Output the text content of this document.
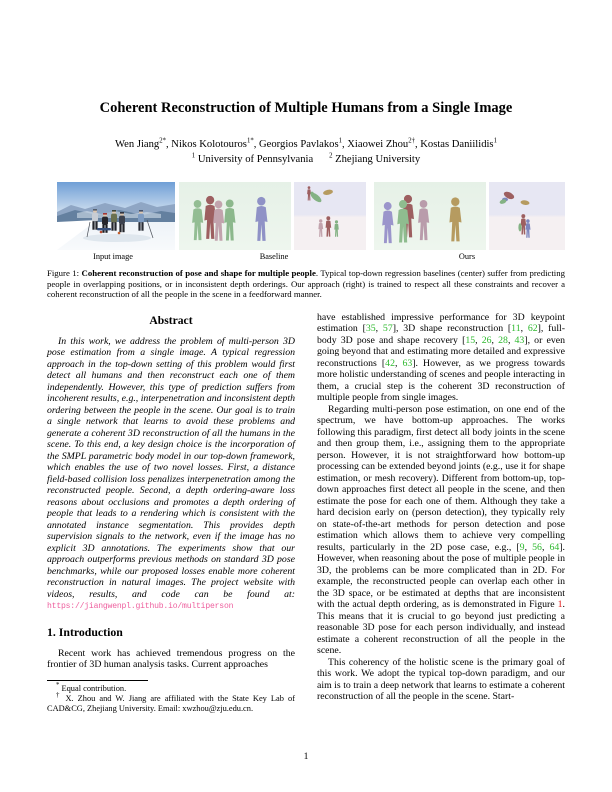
Coherent Reconstruction of Multiple Humans from a Single Image
Wen Jiang$^{2*}$, Nikos Kolotouros$^{1*}$, Georgios Pavlakos$^1$, Xiaowei Zhou$^{2\dagger}$, Kostas Daniilidis$^1$
$^1$ University of Pennsylvania $^2$ Zhejiang University
Input image	Baseline	Ours
Figure 1: Coherent reconstruction of pose and shape for multiple people. Typical top-down regression baselines (center) suffer from predicting people in overlapping positions, or in inconsistent depth orderings. Our approach (right) is trained to respect all these constraints and recover a coherent reconstruction of all the people in the scene in a feedforward manner.
Abstract

In this work, we address the problem of multi-person 3D pose estimation from a single image. A typical regression approach in the top-down setting of this problem would first detect all humans and then reconstruct each one of them independently. However, this type of prediction suffers from incoherent results, e.g., interpenetration and inconsistent depth ordering between the people in the scene. Our goal is to train a single network that learns to avoid these problems and generate a coherent 3D reconstruction of all the humans in the scene. To this end, a key design choice is the incorporation of the SMPL parametric body model in our top-down framework, which enables the use of two novel losses. First, a distance field-based collision loss penalizes interpenetration among the reconstructed people. Second, a depth ordering-aware loss reasons about occlusions and promotes a depth ordering of people that leads to a rendering which is consistent with the annotated instance segmentation. This provides depth supervision signals to the network, even if the image has no explicit 3D annotations. The experiments show that our approach outperforms previous methods on standard 3D pose benchmarks, while our proposed losses enable more coherent reconstruction in natural images. The project website with videos, results, and code can be found at: https://jiangwenpl.github.io/multiperson

1. Introduction

Recent work has achieved tremendous progress on the frontier of 3D human analysis tasks. Current approaches

* Equal contribution.

† X. Zhou and W. Jiang are affiliated with the State Key Lab of CAD&CG, Zhejiang University. Email: xwzhou@zju.edu.cn.

have established impressive performance for 3D keypoint estimation [35, 57], 3D shape reconstruction [11, 62], full-body 3D pose and shape recovery [15, 26, 28, 43], or even going beyond that and estimating more detailed and expressive reconstructions [42, 63]. However, as we progress towards more holistic understanding of scenes and people interacting in them, a crucial step is the coherent 3D reconstruction of multiple people from single images.

Regarding multi-person pose estimation, on one end of the spectrum, we have bottom-up approaches. The works following this paradigm, first detect all body joints in the scene and then group them, i.e., assigning them to the appropriate person. However, it is not straightforward how bottom-up processing can be extended beyond joints (e.g., use it for shape estimation, or mesh recovery). Different from bottom-up, top-down approaches first detect all people in the scene, and then estimate the pose for each one of them. Although they take a hard decision early on (person detection), they typically rely on state-of-the-art methods for person detection and pose estimation which allows them to achieve very compelling results, particularly in the 2D pose case, e.g., [9, 56, 64]. However, when reasoning about the pose of multiple people in 3D, the problems can be more complicated than in 2D. For example, the reconstructed people can overlap each other in the 3D space, or be estimated at depths that are inconsistent with the actual depth ordering, as is demonstrated in Figure 1. This means that it is crucial to go beyond just predicting a reasonable 3D pose for each person individually, and instead estimate a coherent reconstruction of all the people in the scene.

This coherency of the holistic scene is the primary goal of this work. We adopt the typical top-down paradigm, and our aim is to train a deep network that learns to estimate a coherent reconstruction of all the people in the scene. Start-

1
